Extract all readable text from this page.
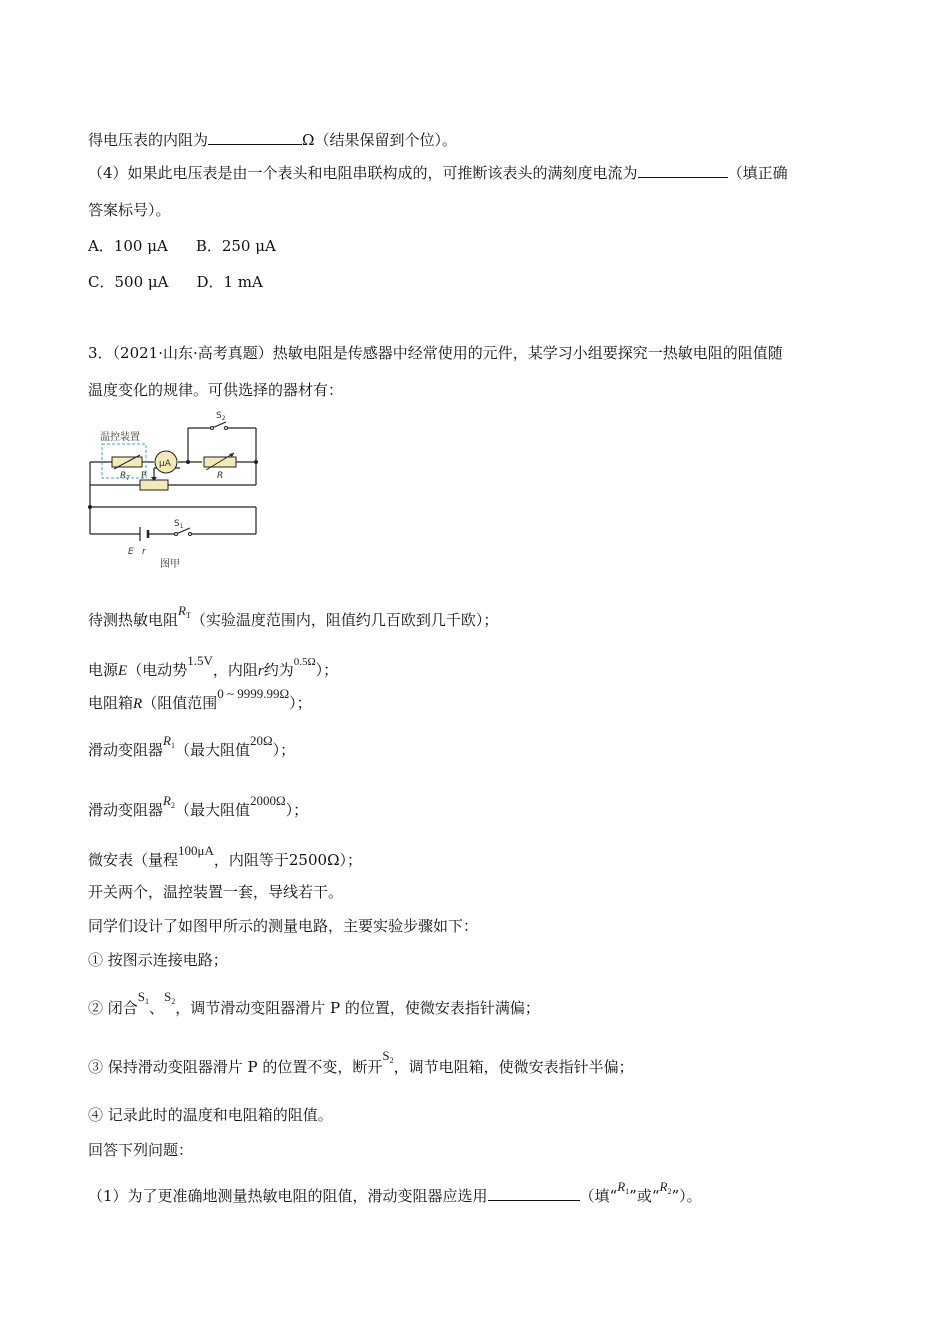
得电压表的内阻为	Ω（结果保留到个位）。
（4）如果此电压表是由一个表头和电阻串联构成的，可推断该表头的满刻度电流为	（填正确
答案标号）。
A．100 μA B．250 μA
C．500 μA D．1 mA
3．（2021·山东·高考真题）热敏电阻是传感器中经常使用的元件，某学习小组要探究一热敏电阻的阻值随
温度变化的规律。可供选择的器材有：
温控装置
$R_T$
μA
R
$S_2$
P
$S_1$
E r
图甲
待测热敏电阻$R_T$（实验温度范围内，阻值约几百欧到几千欧）；
电源E（电动势1.5V，内阻r约为$^{0.5\Omega}$）；
电阻箱R（阻值范围0 ~ 9999.99Ω）；
滑动变阻器$R_1$（最大阻值20Ω）；
滑动变阻器$R_2$（最大阻值2000Ω）；
微安表（量程100μA，内阻等于2500Ω）；
开关两个，温控装置一套，导线若干。
同学们设计了如图甲所示的测量电路，主要实验步骤如下：
① 按图示连接电路；
② 闭合$S_1$、$S_2$，调节滑动变阻器滑片 P 的位置，使微安表指针满偏；
③ 保持滑动变阻器滑片 P 的位置不变，断开$S_2$，调节电阻箱，使微安表指针半偏；
④ 记录此时的温度和电阻箱的阻值。
回答下列问题：
（1）为了更准确地测量热敏电阻的阻值，滑动变阻器应选用	（填“$R_1$”或“$R_2$”）。
